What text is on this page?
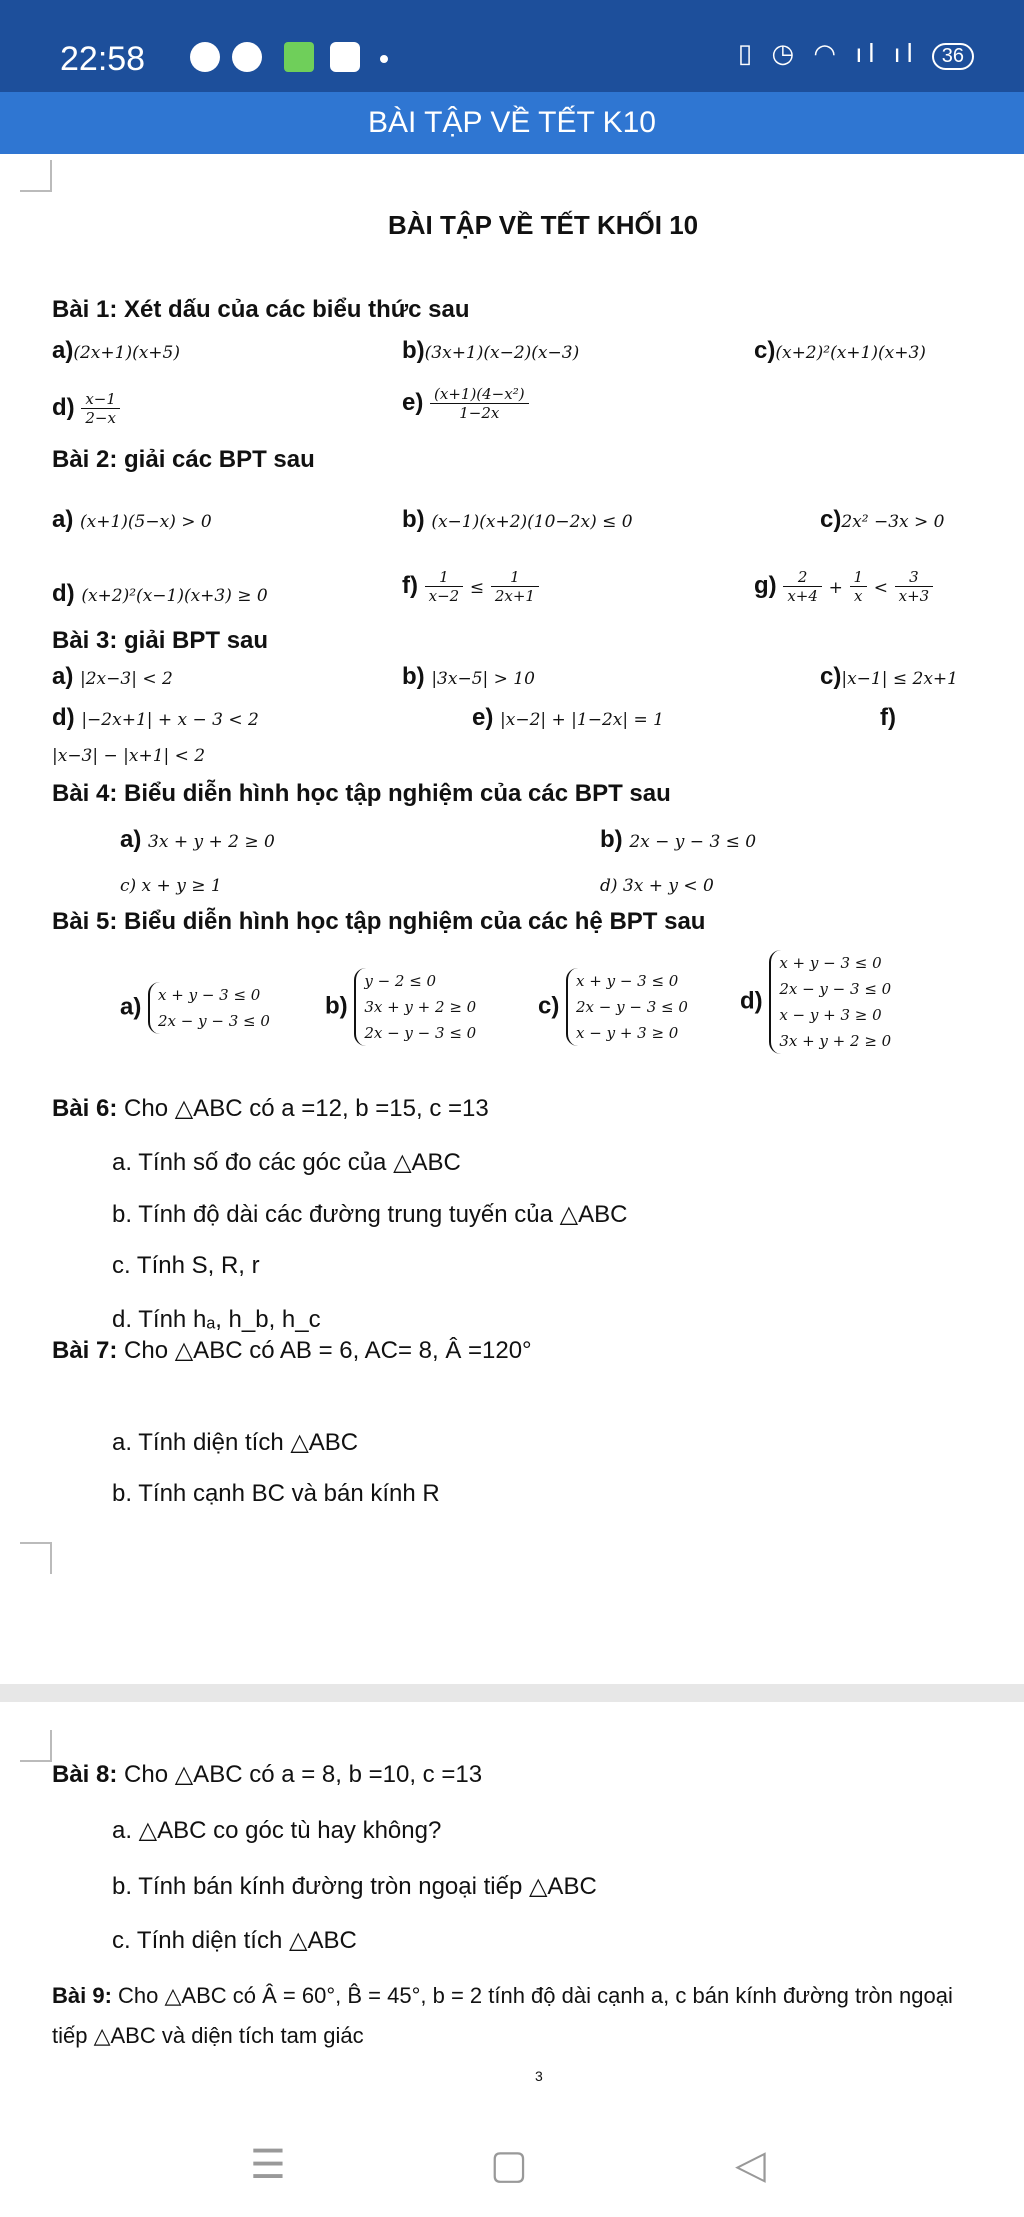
22:58	▯ ◷ ◠ ıl ıl 36
BÀI TẬP VỀ TẾT K10
BÀI TẬP VỀ TẾT KHỐI 10
Bài 1: Xét dấu của các biểu thức sau
a)(2x+1)(x+5)	b)(3x+1)(x−2)(x−3)	c)(x+2)²(x+1)(x+3)
$d) \frac{x-1}{2-x}$	$e) \frac{\text{(x+1)(4−x²)}}{1-2x}$
Bài 2: giải các BPT sau
a) (x+1)(5−x) > 0	b) (x−1)(x+2)(10−2x) ≤ 0	c)2x² −3x > 0
d) (x+2)²(x−1)(x+3) ≥ 0	$f) \frac{1}{x-2} \le \frac{1}{2x+1}$	$g) \frac{2}{x+4} + \frac{1}{x} < \frac{3}{x+3}$
Bài 3: giải BPT sau
a) |2x−3| < 2	b) |3x−5| > 10	c)|x−1| ≤ 2x+1
d) |−2x+1| + x − 3 < 2	e) |x−2| + |1−2x| = 1	f)
|x−3| − |x+1| < 2
Bài 4: Biểu diễn hình học tập nghiệm của các BPT sau
a) 3x + y + 2 ≥ 0	b) 2x − y − 3 ≤ 0
c) x + y ≥ 1	d) 3x + y < 0
Bài 5: Biểu diễn hình học tập nghiệm của các hệ BPT sau
a) x + y − 3 ≤ 0
2x − y − 3 ≤ 0
b) y − 2 ≤ 0
3x + y + 2 ≥ 0
2x − y − 3 ≤ 0
c) x + y − 3 ≤ 0
2x − y − 3 ≤ 0
x − y + 3 ≥ 0
d) x + y − 3 ≤ 0
2x − y − 3 ≤ 0
x − y + 3 ≥ 0
3x + y + 2 ≥ 0
Bài 6: Cho △ABC có a =12, b =15, c =13
a. Tính số đo các góc của △ABC
b. Tính độ dài các đường trung tuyến của △ABC
c. Tính S, R, r
d. Tính hₐ, h_b, h_c
Bài 7: Cho △ABC có AB = 6, AC= 8, Â =120°
a. Tính diện tích △ABC
b. Tính cạnh BC và bán kính R
Bài 8: Cho △ABC có a = 8, b =10, c =13
a. △ABC co góc tù hay không?
b. Tính bán kính đường tròn ngoại tiếp △ABC
c. Tính diện tích △ABC
Bài 9: Cho △ABC có Â = 60°, B̂ = 45°, b = 2 tính độ dài cạnh a, c bán kính đường tròn ngoại
tiếp △ABC và diện tích tam giác
3
☰	▢	◁
